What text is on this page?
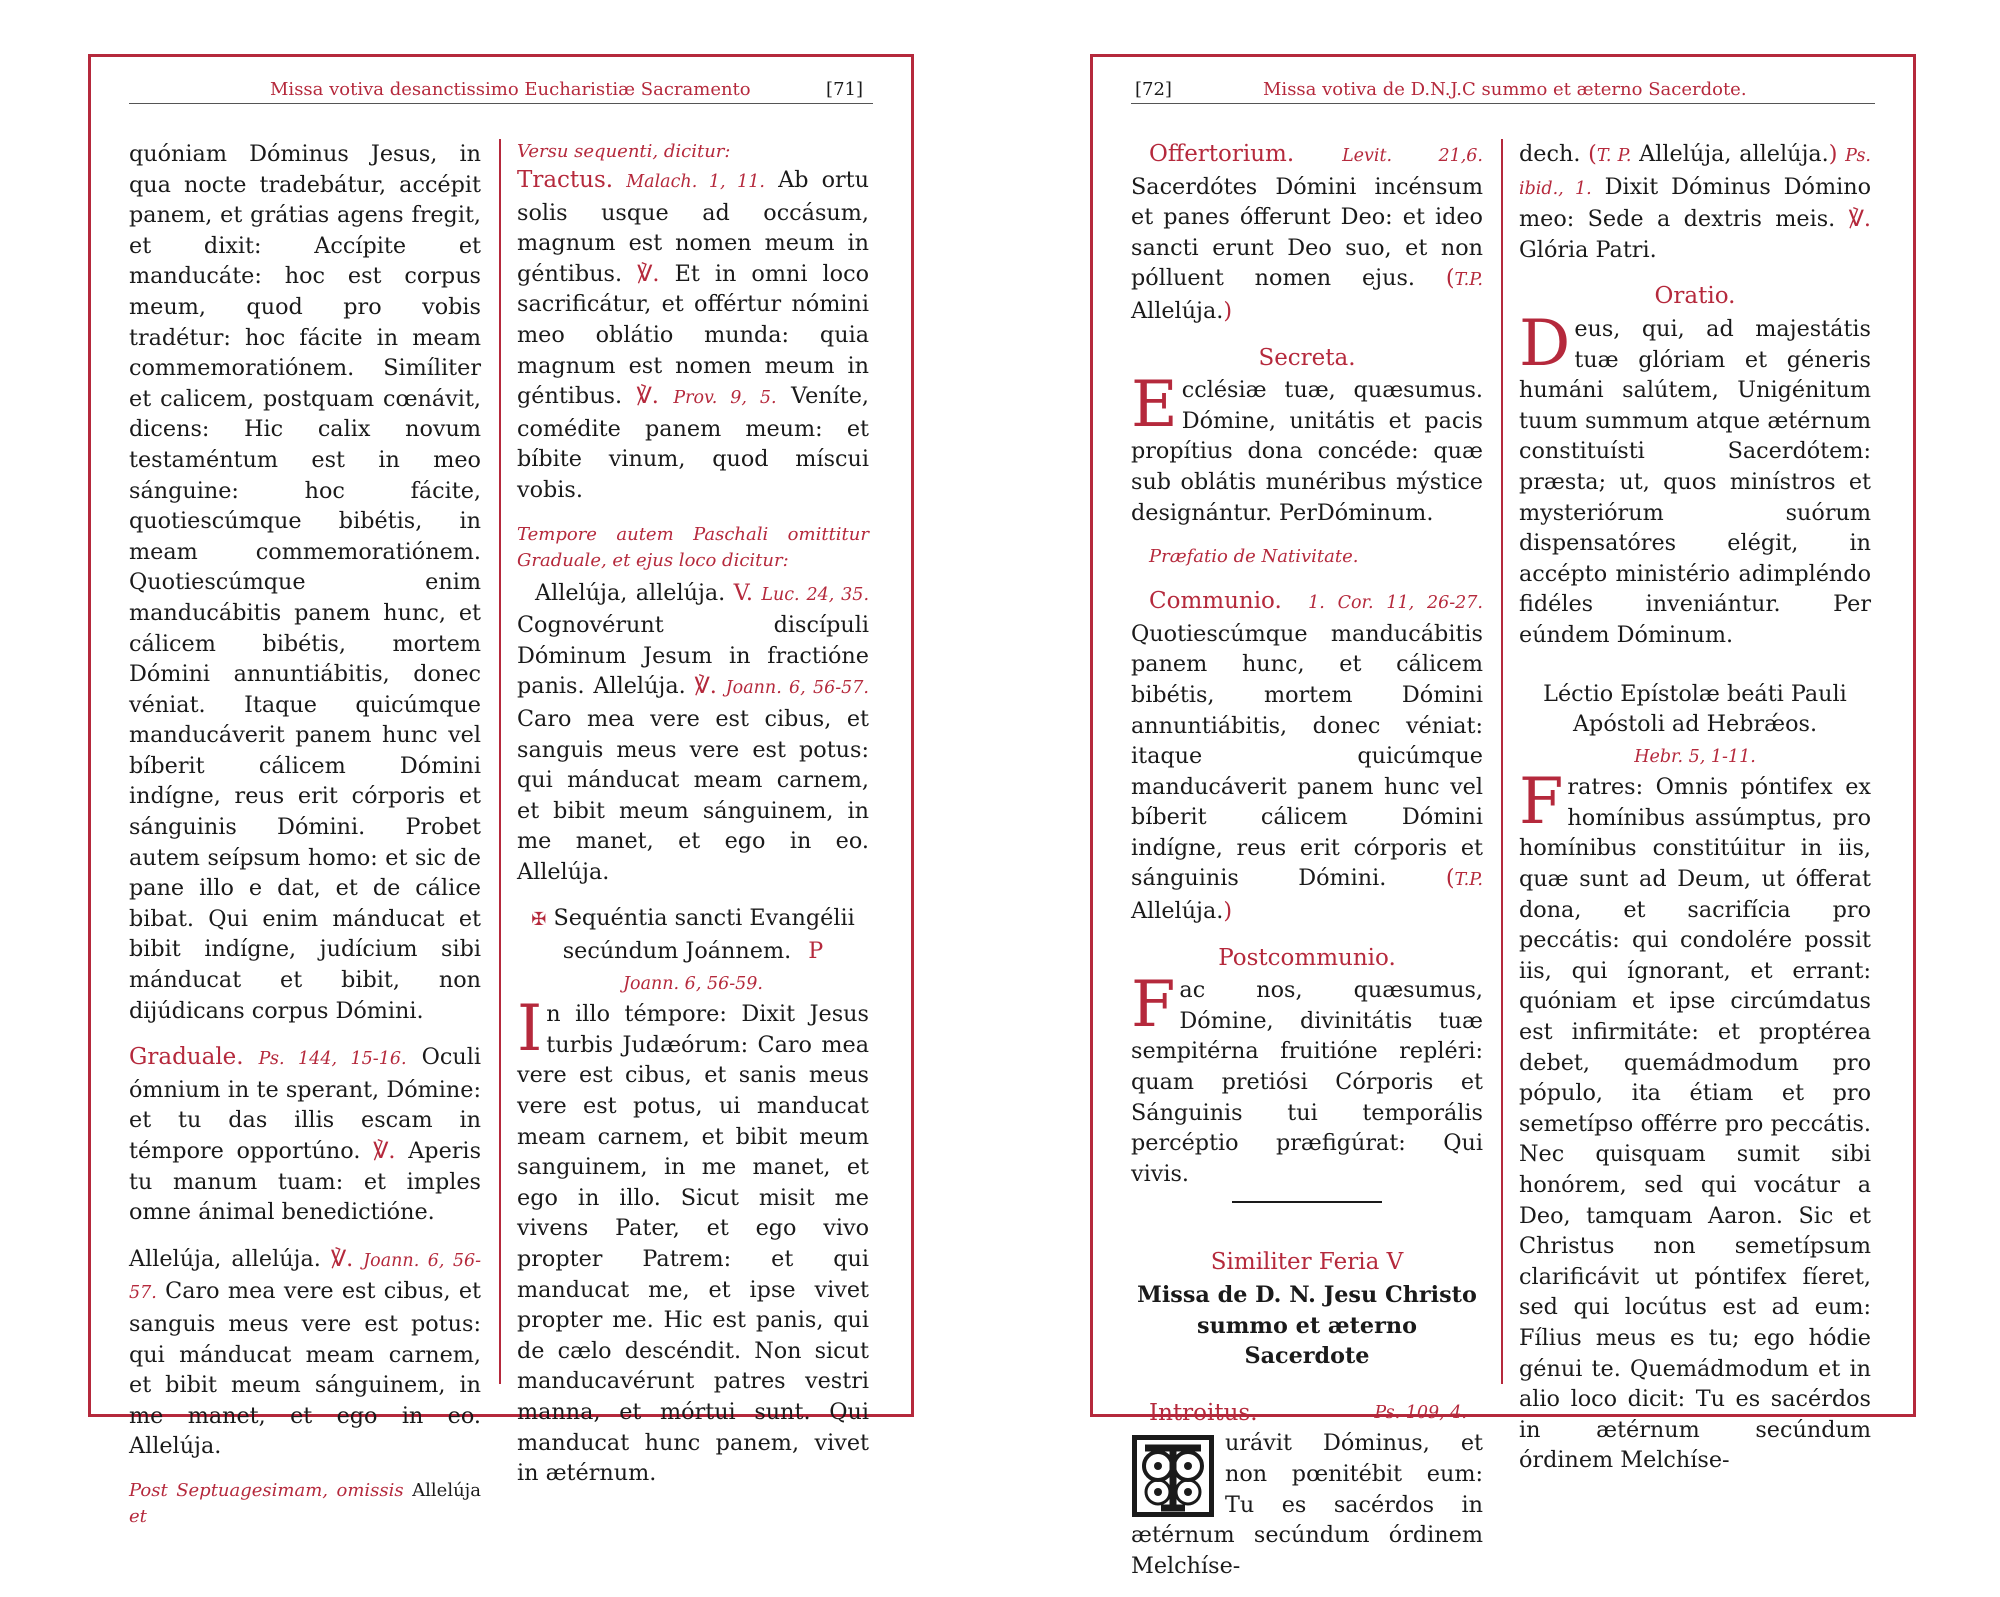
Missa votiva desanctissimo Eucharistiæ Sacramento	[71]

quóniam Dóminus Jesus, in qua nocte tradebátur, accépit panem, et grátias agens fregit, et dixit: Accípite et manducáte: hoc est corpus meum, quod pro vobis tradétur: hoc fácite in meam commemoratiónem. Simíliter et calicem, postquam cœnávit, dicens: Hic calix novum testaméntum est in meo sánguine: hoc fácite, quotiescúmque bibétis, in meam commemoratiónem. Quotiescúmque enim manducábitis panem hunc, et cálicem bibétis, mortem Dómini annuntiábitis, donec véniat. Itaque quicúmque manducáverit panem hunc vel bíberit cálicem Dómini indígne, reus erit córporis et sánguinis Dómini. Probet autem seípsum homo: et sic de pane illo e dat, et de cálice bibat. Qui enim mánducat et bibit indígne, judícium sibi mánducat et bibit, non dijúdicans corpus Dómini.

Graduale. Ps. 144, 15-16. Oculi ómnium in te sperant, Dómine: et tu das illis escam in témpore opportúno. ℣. Aperis tu manum tuam: et imples omne ánimal benedictióne.

Allelúja, allelúja. ℣. Joann. 6, 56-57. Caro mea vere est cibus, et sanguis meus vere est potus: qui mánducat meam carnem, et bibit meum sánguinem, in me manet, et ego in eo. Allelúja.

Post Septuagesimam, omissis Allelúja et

Versu sequenti, dicitur:

Tractus. Malach. 1, 11. Ab ortu solis usque ad occásum, magnum est nomen meum in géntibus. ℣. Et in omni loco sacrificátur, et offértur nómini meo oblátio munda: quia magnum est nomen meum in géntibus. ℣. Prov. 9, 5. Veníte, comédite panem meum: et bíbite vinum, quod míscui vobis.

Tempore autem Paschali omittitur Graduale, et ejus loco dicitur:

Allelúja, allelúja. V. Luc. 24, 35. Cognovérunt discípuli Dóminum Jesum in fractióne panis. Allelúja. ℣. Joann. 6, 56-57. Caro mea vere est cibus, et sanguis meus vere est potus: qui mánducat meam carnem, et bibit meum sánguinem, in me manet, et ego in eo. Allelúja.

✠ Sequéntia sancti Evangélii secúndum Joánnem. P

Joann. 6, 56-59.

I n illo témpore: Dixit Jesus turbis Judæórum: Caro mea vere est cibus, et sanis meus vere est potus, ui manducat meam carnem, et bibit meum sanguinem, in me manet, et ego in illo. Sicut misit me vivens Pater, et ego vivo propter Patrem: et qui manducat me, et ipse vivet propter me. Hic est panis, qui de cælo descéndit. Non sicut manducavérunt patres vestri manna, et mórtui sunt. Qui manducat hunc panem, vivet in ætérnum.

[72]	Missa votiva de D.N.J.C summo et æterno Sacerdote.

Offertorium.	Levit. 21,6. Sacerdótes Dómini incénsum et panes ófferunt Deo: et ideo sancti erunt Deo suo, et non pólluent nomen ejus. (T.P. Allelúja.)

Secreta.

E cclésiæ tuæ, quæsumus. Dómine, unitátis et pacis propítius dona concéde: quæ sub oblátis munéribus mýstice designántur. PerDóminum.

Præfatio de Nativitate.

Communio. 1. Cor. 11, 26-27. Quotiescúmque manducábitis panem hunc, et cálicem bibétis, mortem Dómini annuntiábitis, donec véniat: itaque quicúmque manducáverit panem hunc vel bíberit cálicem Dómini indígne, reus erit córporis et sánguinis Dómini.	(T.P. Allelúja.)

Postcommunio.

F ac nos, quæsumus, Dómine, divinitátis tuæ sempitérna fruitióne repléri: quam pretiósi Córporis et Sánguinis tui temporális percéptio præfigúrat: Qui vivis.

Similiter Feria V

Missa de D. N. Jesu Christo summo et æterno Sacerdote

Introitus.	Ps. 109, 4.

urávit Dóminus, et non pœnitébit eum: Tu es sacérdos in ætérnum secúndum órdinem Melchíse-

dech. (T. P. Allelúja, allelúja.) Ps. ibid., 1. Dixit Dóminus Dómino meo: Sede a dextris meis. ℣. Glória Patri.

Oratio.

D eus, qui, ad majestátis tuæ glóriam et géneris humáni salútem, Unigénitum tuum summum atque ætérnum constituísti Sacerdótem: præsta; ut, quos minístros et mysteriórum suórum dispensatóres elégit, in accépto ministério adimpléndo fidéles inveniántur. Per eúndem Dóminum.

Léctio Epístolæ beáti Pauli Apóstoli ad Hebrǽos.

Hebr. 5, 1-11.

F ratres: Omnis póntifex ex homínibus assúmptus, pro homínibus constitúitur in iis, quæ sunt ad Deum, ut ófferat dona, et sacrifícia pro peccátis: qui condolére possit iis, qui ígnorant, et errant: quóniam et ipse circúmdatus est infirmitáte: et proptérea debet, quemádmodum pro pópulo, ita étiam et pro semetípso offérre pro peccátis. Nec quisquam sumit sibi honórem, sed qui vocátur a Deo, tamquam Aaron. Sic et Christus non semetípsum clarificávit ut póntifex fíeret, sed qui locútus est ad eum: Fílius meus es tu; ego hódie génui te. Quemádmodum et in alio loco dicit: Tu es sacérdos in ætérnum secúndum órdinem Melchíse-
